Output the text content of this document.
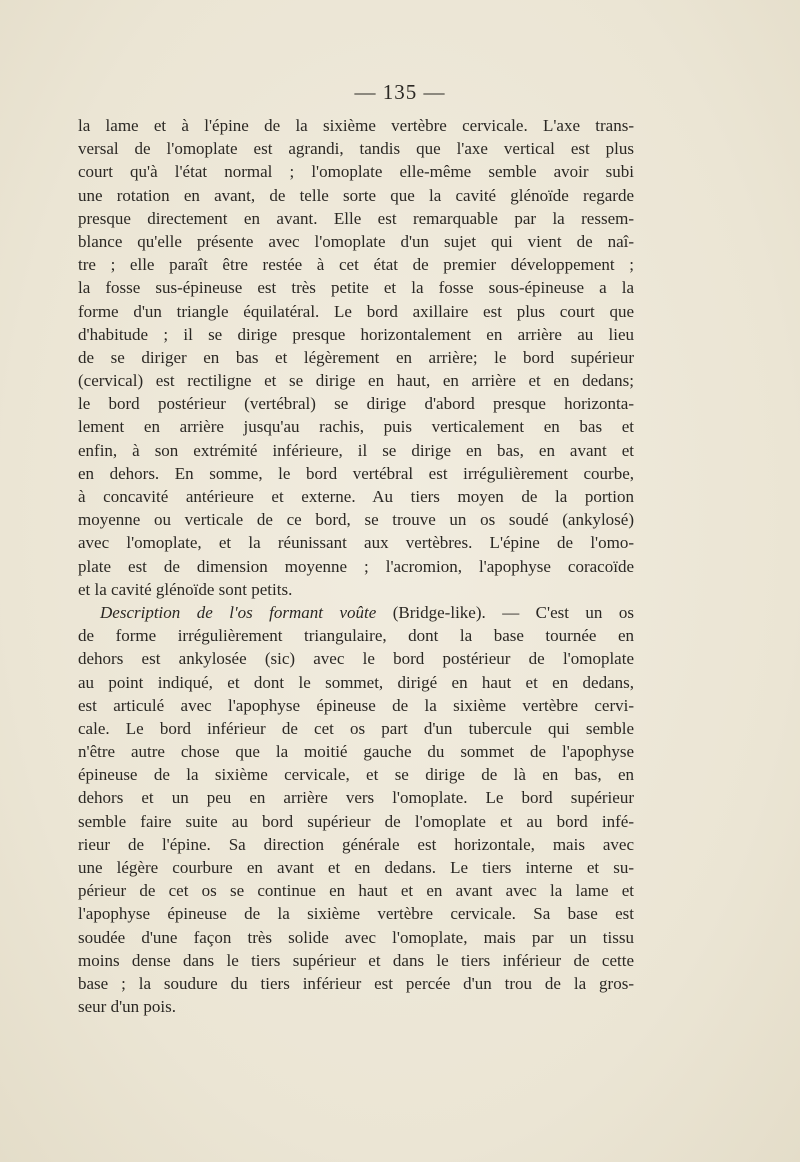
— 135 —
la lame et à l'épine de la sixième vertèbre cervicale. L'axe trans-
versal de l'omoplate est agrandi, tandis que l'axe vertical est plus
court qu'à l'état normal ; l'omoplate elle-même semble avoir subi
une rotation en avant, de telle sorte que la cavité glénoïde regarde
presque directement en avant. Elle est remarquable par la ressem-
blance qu'elle présente avec l'omoplate d'un sujet qui vient de naî-
tre ; elle paraît être restée à cet état de premier développement ;
la fosse sus-épineuse est très petite et la fosse sous-épineuse a la
forme d'un triangle équilatéral. Le bord axillaire est plus court que
d'habitude ; il se dirige presque horizontalement en arrière au lieu
de se diriger en bas et légèrement en arrière; le bord supérieur
(cervical) est rectiligne et se dirige en haut, en arrière et en dedans;
le bord postérieur (vertébral) se dirige d'abord presque horizonta-
lement en arrière jusqu'au rachis, puis verticalement en bas et
enfin, à son extrémité inférieure, il se dirige en bas, en avant et
en dehors. En somme, le bord vertébral est irrégulièrement courbe,
à concavité antérieure et externe. Au tiers moyen de la portion
moyenne ou verticale de ce bord, se trouve un os soudé (ankylosé)
avec l'omoplate, et la réunissant aux vertèbres. L'épine de l'omo-
plate est de dimension moyenne ; l'acromion, l'apophyse coracoïde
et la cavité glénoïde sont petits.
Description de l'os formant voûte (Bridge-like). — C'est un os
de forme irrégulièrement triangulaire, dont la base tournée en
dehors est ankylosée (sic) avec le bord postérieur de l'omoplate
au point indiqué, et dont le sommet, dirigé en haut et en dedans,
est articulé avec l'apophyse épineuse de la sixième vertèbre cervi-
cale. Le bord inférieur de cet os part d'un tubercule qui semble
n'être autre chose que la moitié gauche du sommet de l'apophyse
épineuse de la sixième cervicale, et se dirige de là en bas, en
dehors et un peu en arrière vers l'omoplate. Le bord supérieur
semble faire suite au bord supérieur de l'omoplate et au bord infé-
rieur de l'épine. Sa direction générale est horizontale, mais avec
une légère courbure en avant et en dedans. Le tiers interne et su-
périeur de cet os se continue en haut et en avant avec la lame et
l'apophyse épineuse de la sixième vertèbre cervicale. Sa base est
soudée d'une façon très solide avec l'omoplate, mais par un tissu
moins dense dans le tiers supérieur et dans le tiers inférieur de cette
base ; la soudure du tiers inférieur est percée d'un trou de la gros-
seur d'un pois.
